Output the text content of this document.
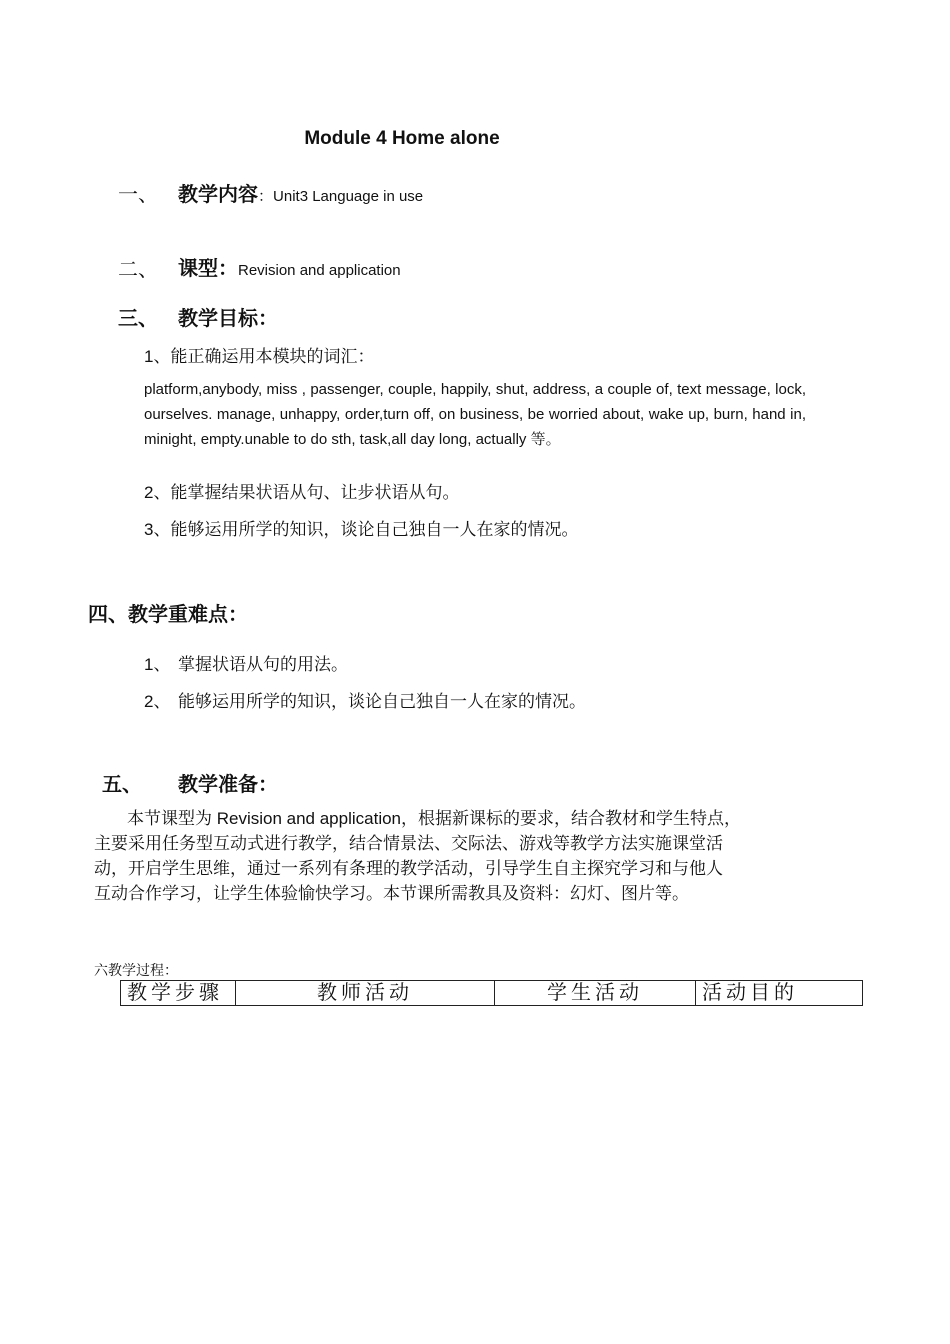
Module 4 Home alone
一、 教学内容：Unit3 Language in use
二、 课型：Revision and application
三、 教学目标：
1、能正确运用本模块的词汇：
platform,anybody, miss , passenger, couple, happily, shut, address, a couple of, text message, lock, ourselves. manage, unhappy, order,turn off, on business, be worried about, wake up, burn, hand in, minight, empty.unable to do sth, task,all day long, actually 等。
2、能掌握结果状语从句、让步状语从句。
3、能够运用所学的知识，谈论自己独自一人在家的情况。
四、教学重难点：
1、 掌握状语从句的用法。
2、 能够运用所学的知识，谈论自己独自一人在家的情况。
五、 教学准备：

本节课型为 Revision and application，根据新课标的要求，结合教材和学生特点，

主要采用任务型互动式进行教学，结合情景法、交际法、游戏等教学方法实施课堂活

动，开启学生思维，通过一系列有条理的教学活动，引导学生自主探究学习和与他人

互动合作学习，让学生体验愉快学习。本节课所需教具及资料：幻灯、图片等。

六教学过程：
教学步骤	教师活动	学生活动	活动目的
